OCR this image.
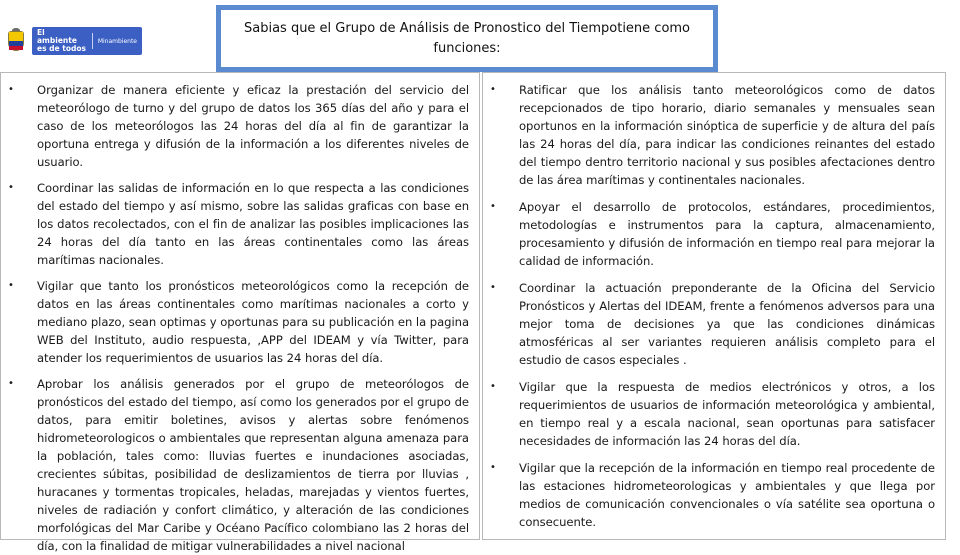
El ambiente es de todos
Minambiente
Sabias que el Grupo de Análisis de Pronostico del Tiempotiene como funciones:
•	Organizar de manera eficiente y eficaz la prestación del servicio del meteorólogo de turno y del grupo de datos los 365 días del año y para el caso de los meteorólogos las 24 horas del día al fin de garantizar la oportuna entrega y difusión de la información a los diferentes niveles de usuario.
•	Coordinar las salidas de información en lo que respecta a las condiciones del estado del tiempo y así mismo, sobre las salidas graficas con base en los datos recolectados, con el fin de analizar las posibles implicaciones las 24 horas del día tanto en las áreas continentales como las áreas marítimas nacionales.
•	Vigilar que tanto los pronósticos meteorológicos como la recepción de datos en las áreas continentales como marítimas nacionales a corto y mediano plazo, sean optimas y oportunas para su publicación en la pagina WEB del Instituto, audio respuesta, ,APP del IDEAM y vía Twitter, para atender los requerimientos de usuarios las 24 horas del día.
•	Aprobar los análisis generados por el grupo de meteorólogos de pronósticos del estado del tiempo, así como los generados por el grupo de datos, para emitir boletines, avisos y alertas sobre fenómenos hidrometeorologicos o ambientales que representan alguna amenaza para la población, tales como: lluvias fuertes e inundaciones asociadas, crecientes súbitas, posibilidad de deslizamientos de tierra por lluvias , huracanes y tormentas tropicales, heladas, marejadas y vientos fuertes, niveles de radiación y confort climático, y alteración de las condiciones morfológicas del Mar Caribe y Océano Pacífico colombiano las 2 horas del día, con la finalidad de mitigar vulnerabilidades a nivel nacional
•	Ratificar que los análisis tanto meteorológicos como de datos recepcionados de tipo horario, diario semanales y mensuales sean oportunos en la información sinóptica de superficie y de altura del país las 24 horas del día, para indicar las condiciones reinantes del estado del tiempo dentro territorio nacional y sus posibles afectaciones dentro de las área marítimas y continentales nacionales.
•	Apoyar el desarrollo de protocolos, estándares, procedimientos, metodologías e instrumentos para la captura, almacenamiento, procesamiento y difusión de información en tiempo real para mejorar la calidad de información.
•	Coordinar la actuación preponderante de la Oficina del Servicio Pronósticos y Alertas del IDEAM, frente a fenómenos adversos para una mejor toma de decisiones ya que las condiciones dinámicas atmosféricas al ser variantes requieren análisis completo para el estudio de casos especiales .
•	Vigilar que la respuesta de medios electrónicos y otros, a los requerimientos de usuarios de información meteorológica y ambiental, en tiempo real y a escala nacional, sean oportunas para satisfacer necesidades de información las 24 horas del día.
•	Vigilar que la recepción de la información en tiempo real procedente de las estaciones hidrometeorologicas y ambientales y que llega por medios de comunicación convencionales o vía satélite sea oportuna o consecuente.
